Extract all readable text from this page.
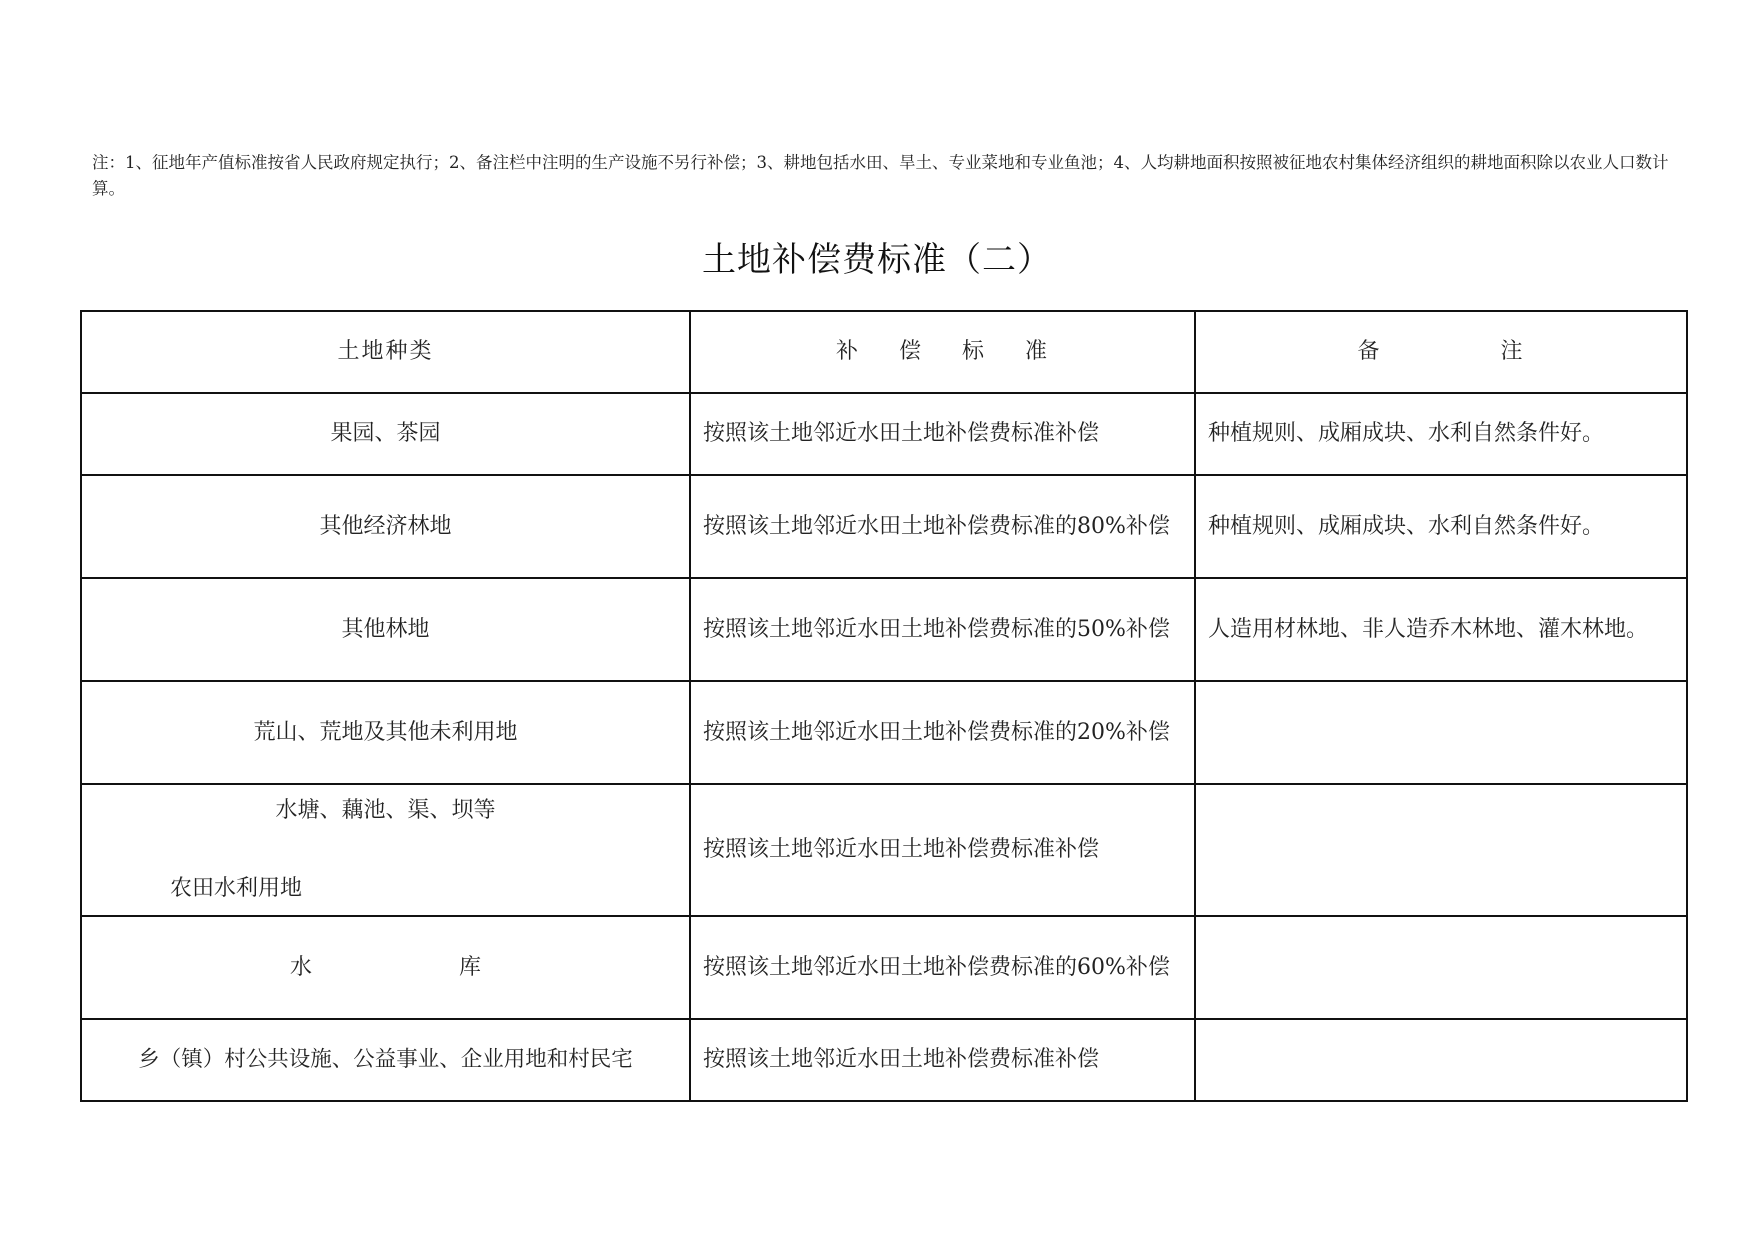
注：1、征地年产值标准按省人民政府规定执行；2、备注栏中注明的生产设施不另行补偿；3、耕地包括水田、旱土、专业菜地和专业鱼池；4、人均耕地面积按照被征地农村集体经济组织的耕地面积除以农业人口数计算。
土地补偿费标准（二）
土地种类	补 偿 标 准	备 注
果园、茶园	按照该土地邻近水田土地补偿费标准补偿	种植规则、成厢成块、水利自然条件好。
其他经济林地	按照该土地邻近水田土地补偿费标准的80%补偿	种植规则、成厢成块、水利自然条件好。
其他林地	按照该土地邻近水田土地补偿费标准的50%补偿	人造用材林地、非人造乔木林地、灌木林地。
荒山、荒地及其他未利用地	按照该土地邻近水田土地补偿费标准的20%补偿	

水塘、藕池、渠、坝等
农田水利用地	按照该土地邻近水田土地补偿费标准补偿	
水 库	按照该土地邻近水田土地补偿费标准的60%补偿	
乡（镇）村公共设施、公益事业、企业用地和村民宅	按照该土地邻近水田土地补偿费标准补偿	
